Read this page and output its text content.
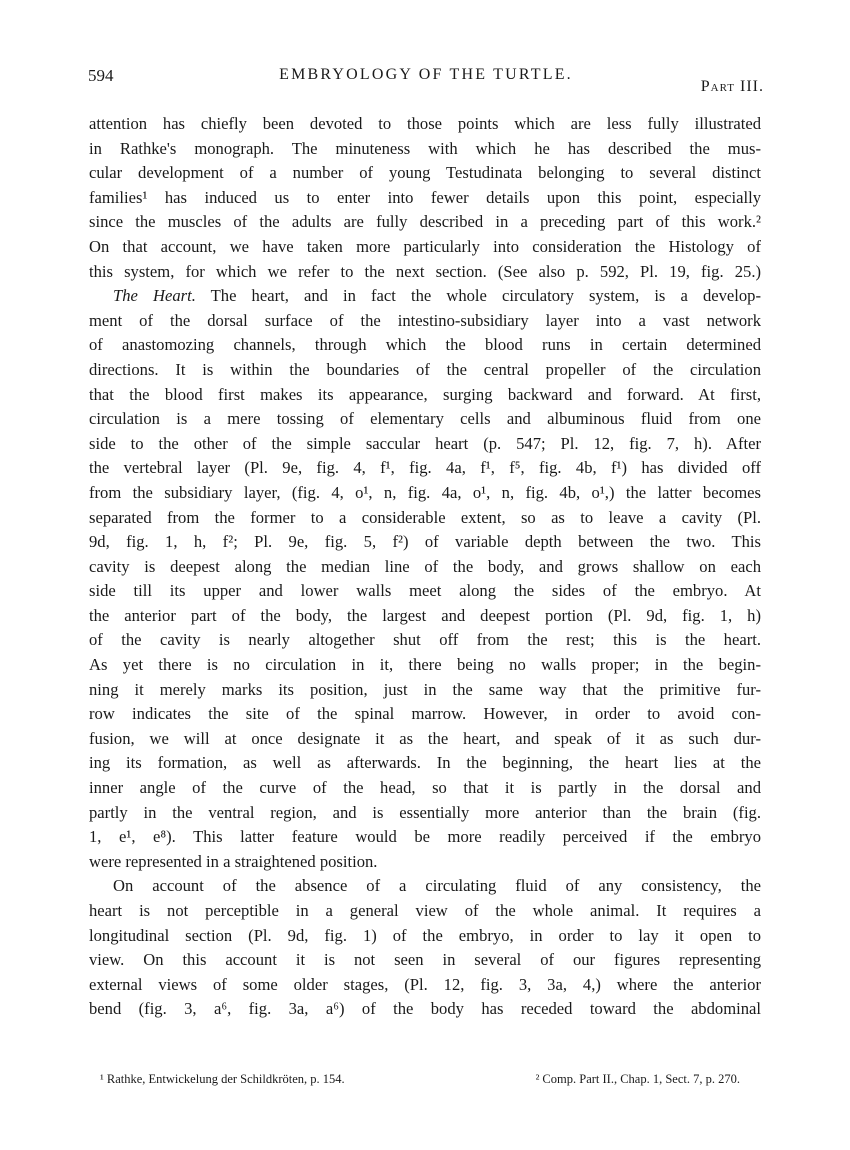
594	EMBRYOLOGY OF THE TURTLE.
Part III.
attention has chiefly been devoted to those points which are less fully illustrated
in Rathke's monograph. The minuteness with which he has described the mus-
cular development of a number of young Testudinata belonging to several distinct
families¹ has induced us to enter into fewer details upon this point, especially
since the muscles of the adults are fully described in a preceding part of this work.²
On that account, we have taken more particularly into consideration the Histology of
this system, for which we refer to the next section. (See also p. 592, Pl. 19, fig. 25.)
The Heart. The heart, and in fact the whole circulatory system, is a develop-
ment of the dorsal surface of the intestino-subsidiary layer into a vast network
of anastomozing channels, through which the blood runs in certain determined
directions. It is within the boundaries of the central propeller of the circulation
that the blood first makes its appearance, surging backward and forward. At first,
circulation is a mere tossing of elementary cells and albuminous fluid from one
side to the other of the simple saccular heart (p. 547; Pl. 12, fig. 7, h). After
the vertebral layer (Pl. 9e, fig. 4, f¹, fig. 4a, f¹, f⁵, fig. 4b, f¹) has divided off
from the subsidiary layer, (fig. 4, o¹, n, fig. 4a, o¹, n, fig. 4b, o¹,) the latter becomes
separated from the former to a considerable extent, so as to leave a cavity (Pl.
9d, fig. 1, h, f²; Pl. 9e, fig. 5, f²) of variable depth between the two. This
cavity is deepest along the median line of the body, and grows shallow on each
side till its upper and lower walls meet along the sides of the embryo. At
the anterior part of the body, the largest and deepest portion (Pl. 9d, fig. 1, h)
of the cavity is nearly altogether shut off from the rest; this is the heart.
As yet there is no circulation in it, there being no walls proper; in the begin-
ning it merely marks its position, just in the same way that the primitive fur-
row indicates the site of the spinal marrow. However, in order to avoid con-
fusion, we will at once designate it as the heart, and speak of it as such dur-
ing its formation, as well as afterwards. In the beginning, the heart lies at the
inner angle of the curve of the head, so that it is partly in the dorsal and
partly in the ventral region, and is essentially more anterior than the brain (fig.
1, e¹, e⁸). This latter feature would be more readily perceived if the embryo
were represented in a straightened position.
On account of the absence of a circulating fluid of any consistency, the
heart is not perceptible in a general view of the whole animal. It requires a
longitudinal section (Pl. 9d, fig. 1) of the embryo, in order to lay it open to
view. On this account it is not seen in several of our figures representing
external views of some older stages, (Pl. 12, fig. 3, 3a, 4,) where the anterior
bend (fig. 3, a⁶, fig. 3a, a⁶) of the body has receded toward the abdominal
¹ Rathke, Entwickelung der Schildkröten, p. 154.	² Comp. Part II., Chap. 1, Sect. 7, p. 270.
